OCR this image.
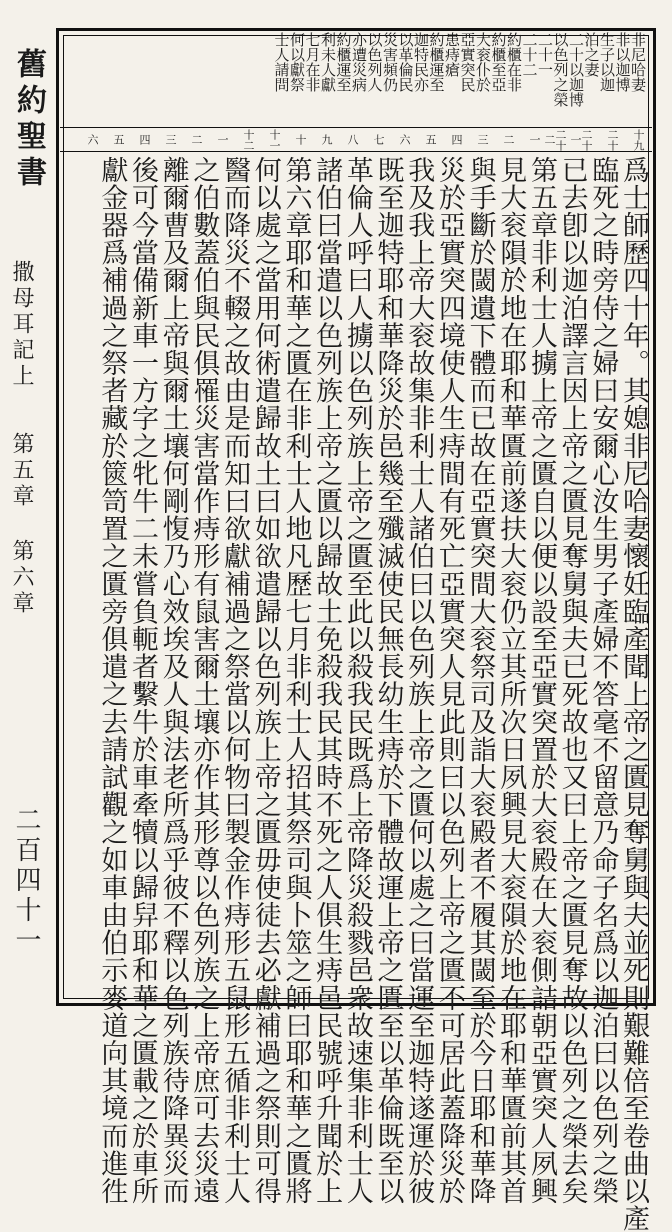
舊約聖書
撒母耳記上
第五章 第六章
二百四十一
非尼哈妻
非以迦博
生子以迦
泊之妻
二十以迦博
以色列之榮
二十一
二十二
約櫃在非
約櫃至亞
大衮仆於
亞實突民
患痔瘡
約櫃運至
迦特民亦
以革倫民
災害頻仍
以色列人
亦遭災病
約櫃運至
利未人獻
七月在非
何以獻祭
士人請問
十九
二十
二十一
二十二
一
二
三
四
五
六
七
八
九
十
十一
十二
一
二
三
四
五
六
爲士師歷四十年。其媳非尼哈妻懷妊臨產聞上帝之匱見奪舅與夫並死則艱難倍至卷曲以產
臨死之時旁侍之婦曰安爾心汝生男子產婦不答毫不留意乃命子名爲以迦泊曰以色列之榮
已去卽以迦泊譯言因上帝之匱見奪舅與夫已死故也又曰上帝之匱見奪故以色列之榮去矣
第五章非利士人擄上帝之匱自以便以設至亞實突置於大衮殿在大衮側詰朝亞實突人夙興
見大衮隕於地在耶和華匱前遂扶大衮仍立其所次日夙興見大衮隕於地在耶和華匱前其首
與手斷於閾遺下體而已故在亞實突間大衮祭司及詣大衮殿者不履其閾至於今日耶和華降
災於亞實突四境使人生痔間有死亡亞實突人見此則曰以色列上帝之匱不可居此蓋降災於
我及我上帝大衮故集非利士人諸伯曰以色列族上帝之匱何以處之曰當運至迦特遂運於彼
既至迦特耶和華降災於邑幾至殲滅使民無長幼生痔於下體故運上帝之匱至以革倫既至以
革倫人呼曰人擄以色列族上帝之匱至此以殺我民既爲上帝降災殺戮邑衆故速集非利士人
諸伯曰當遣以色列族上帝之匱以歸故土免殺我民其時不死之人俱生痔邑民號呼升聞於上
第六章耶和華之匱在非利士人地凡歷七月非利士人招其祭司與卜筮之師曰耶和華之匱將
何以處之當用何術遣歸故土曰如欲遣歸以色列族上帝之匱毋使徒去必獻補過之祭則可得
醫而降災不輟之故由是而知曰欲獻補過之祭當以何物曰製金作痔形五鼠形五循非利士人
之伯數蓋伯與民俱罹災害當作痔形有鼠害爾土壤亦作其形尊以色列族之上帝庶可去災遠
離爾曹及爾上帝與爾土壤何剛愎乃心效埃及人與法老所爲乎彼不釋以色列族待降異災而
後可今當備新車一方字之牝牛二未嘗負軛者繫牛於車牽犢以歸舁耶和華之匱載之於車所
獻金器爲補過之祭者藏於篋笥置之匱旁俱遣之去請試觀之如車由伯示麥道向其境而進徃
